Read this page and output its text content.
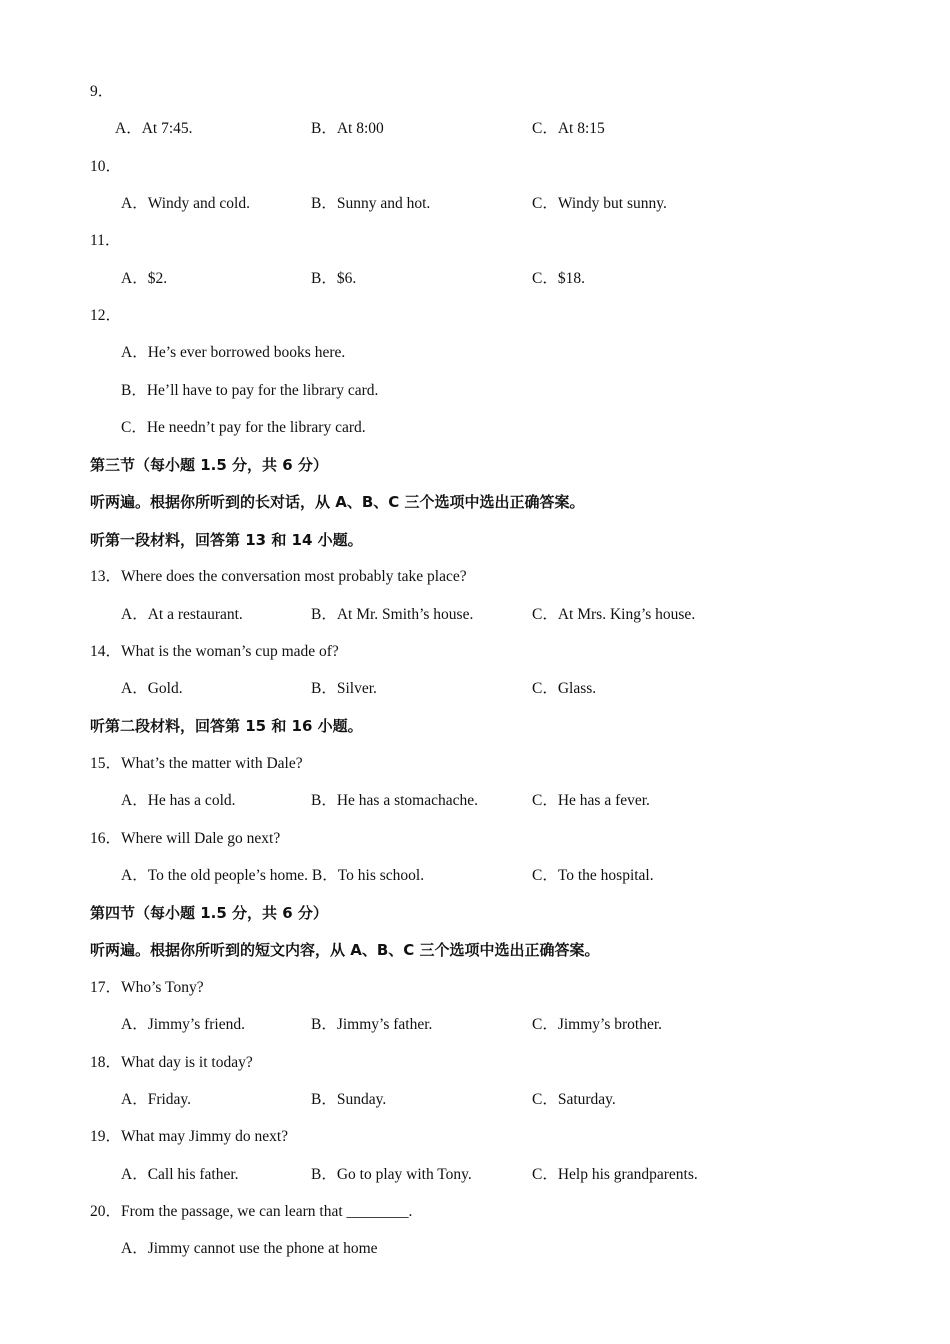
9．
A．At 7:45.	B．At 8:00	C．At 8:15
10．
A．Windy and cold.	B．Sunny and hot.	C．Windy but sunny.
11．
A．$2.	B．$6.	C．$18.
12．
A．He’s ever borrowed books here.
B．He’ll have to pay for the library card.
C．He needn’t pay for the library card.
第三节（每小题 1.5 分，共 6 分）
听两遍。根据你所听到的长对话，从 A、B、C 三个选项中选出正确答案。
听第一段材料，回答第 13 和 14 小题。
13．Where does the conversation most probably take place?
A．At a restaurant.	B．At Mr. Smith’s house.	C．At Mrs. King’s house.
14．What is the woman’s cup made of?
A．Gold.	B．Silver.	C．Glass.
听第二段材料，回答第 15 和 16 小题。
15．What’s the matter with Dale?
A．He has a cold.	B．He has a stomachache.	C．He has a fever.
16．Where will Dale go next?
A．To the old people’s home. B．To his school.	C．To the hospital.
第四节（每小题 1.5 分，共 6 分）
听两遍。根据你所听到的短文内容，从 A、B、C 三个选项中选出正确答案。
17．Who’s Tony?
A．Jimmy’s friend.	B．Jimmy’s father.	C．Jimmy’s brother.
18．What day is it today?
A．Friday.	B．Sunday.	C．Saturday.
19．What may Jimmy do next?
A．Call his father.	B．Go to play with Tony.	C．Help his grandparents.
20．From the passage, we can learn that ________.
A．Jimmy cannot use the phone at home
